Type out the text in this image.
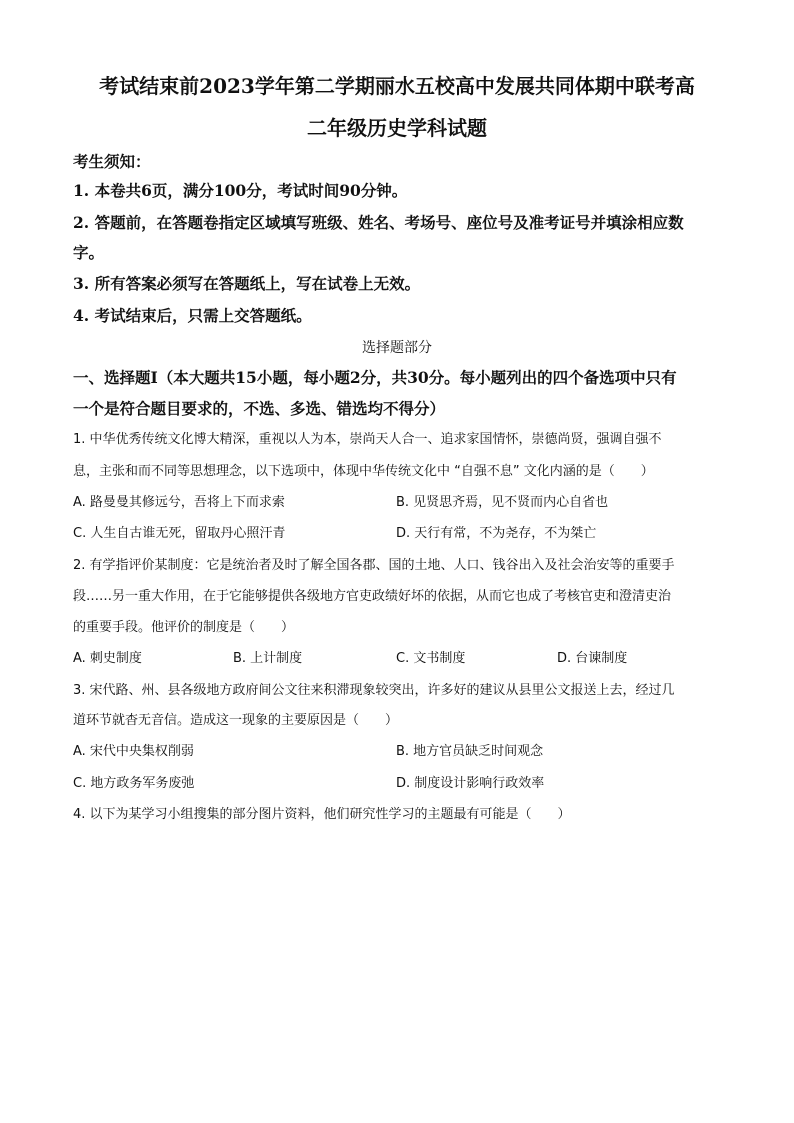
考试结束前2023学年第二学期丽水五校高中发展共同体期中联考高
二年级历史学科试题
考生须知：
1. 本卷共6页，满分100分，考试时间90分钟。
2. 答题前，在答题卷指定区域填写班级、姓名、考场号、座位号及准考证号并填涂相应数
字。
3. 所有答案必须写在答题纸上，写在试卷上无效。
4. 考试结束后，只需上交答题纸。
选择题部分
一、选择题Ⅰ（本大题共15小题，每小题2分，共30分。每小题列出的四个备选项中只有
一个是符合题目要求的，不选、多选、错选均不得分）
1. 中华优秀传统文化博大精深，重视以人为本，崇尚天人合一、追求家国情怀，崇德尚贤，强调自强不
息，主张和而不同等思想理念，以下选项中，体现中华传统文化中 “自强不息” 文化内涵的是（　　）
A. 路曼曼其修远兮，吾将上下而求索	B. 见贤思齐焉，见不贤而内心自省也
C. 人生自古谁无死，留取丹心照汗青	D. 天行有常，不为尧存，不为桀亡
2. 有学指评价某制度：它是统治者及时了解全国各郡、国的土地、人口、钱谷出入及社会治安等的重要手
段……另一重大作用，在于它能够提供各级地方官吏政绩好坏的依据，从而它也成了考核官吏和澄清吏治
的重要手段。他评价的制度是（　　）
A. 刺史制度	B. 上计制度	C. 文书制度	D. 台谏制度
3. 宋代路、州、县各级地方政府间公文往来积滞现象较突出，许多好的建议从县里公文报送上去，经过几
道环节就杳无音信。造成这一现象的主要原因是（　　）
A. 宋代中央集权削弱	B. 地方官员缺乏时间观念
C. 地方政务军务废弛	D. 制度设计影响行政效率
4. 以下为某学习小组搜集的部分图片资料，他们研究性学习的主题最有可能是（　　）
